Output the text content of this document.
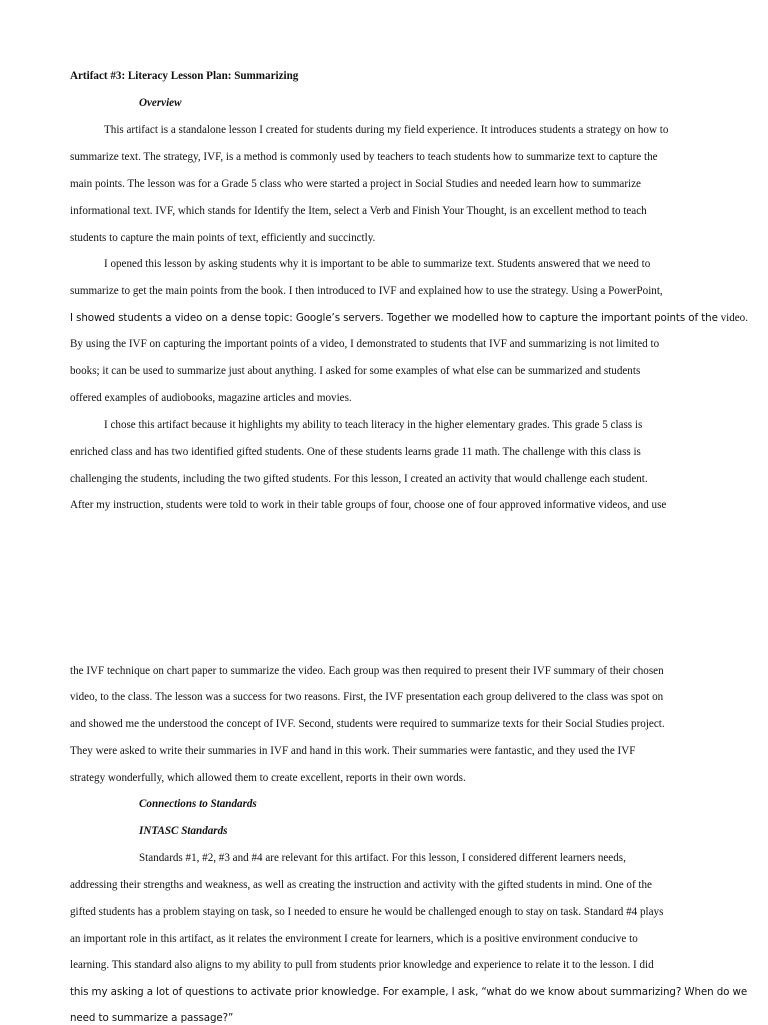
Artifact #3: Literacy Lesson Plan: Summarizing
Overview
This artifact is a standalone lesson I created for students during my field experience. It introduces students a strategy on how to
summarize text. The strategy, IVF, is a method is commonly used by teachers to teach students how to summarize text to capture the
main points. The lesson was for a Grade 5 class who were started a project in Social Studies and needed learn how to summarize
informational text. IVF, which stands for Identify the Item, select a Verb and Finish Your Thought, is an excellent method to teach
students to capture the main points of text, efficiently and succinctly.
I opened this lesson by asking students why it is important to be able to summarize text. Students answered that we need to
summarize to get the main points from the book. I then introduced to IVF and explained how to use the strategy. Using a PowerPoint,
I showed students a video on a dense topic: Google’s servers. Together we modelled how to capture the important points of the video.
By using the IVF on capturing the important points of a video, I demonstrated to students that IVF and summarizing is not limited to
books; it can be used to summarize just about anything. I asked for some examples of what else can be summarized and students
offered examples of audiobooks, magazine articles and movies.
I chose this artifact because it highlights my ability to teach literacy in the higher elementary grades. This grade 5 class is
enriched class and has two identified gifted students. One of these students learns grade 11 math. The challenge with this class is
challenging the students, including the two gifted students. For this lesson, I created an activity that would challenge each student.
After my instruction, students were told to work in their table groups of four, choose one of four approved informative videos, and use
the IVF technique on chart paper to summarize the video. Each group was then required to present their IVF summary of their chosen
video, to the class. The lesson was a success for two reasons. First, the IVF presentation each group delivered to the class was spot on
and showed me the understood the concept of IVF. Second, students were required to summarize texts for their Social Studies project.
They were asked to write their summaries in IVF and hand in this work. Their summaries were fantastic, and they used the IVF
strategy wonderfully, which allowed them to create excellent, reports in their own words.
Connections to Standards
INTASC Standards
Standards #1, #2, #3 and #4 are relevant for this artifact. For this lesson, I considered different learners needs,
addressing their strengths and weakness, as well as creating the instruction and activity with the gifted students in mind. One of the
gifted students has a problem staying on task, so I needed to ensure he would be challenged enough to stay on task. Standard #4 plays
an important role in this artifact, as it relates the environment I create for learners, which is a positive environment conducive to
learning. This standard also aligns to my ability to pull from students prior knowledge and experience to relate it to the lesson. I did
this my asking a lot of questions to activate prior knowledge. For example, I ask, “what do we know about summarizing? When do we
need to summarize a passage?”
